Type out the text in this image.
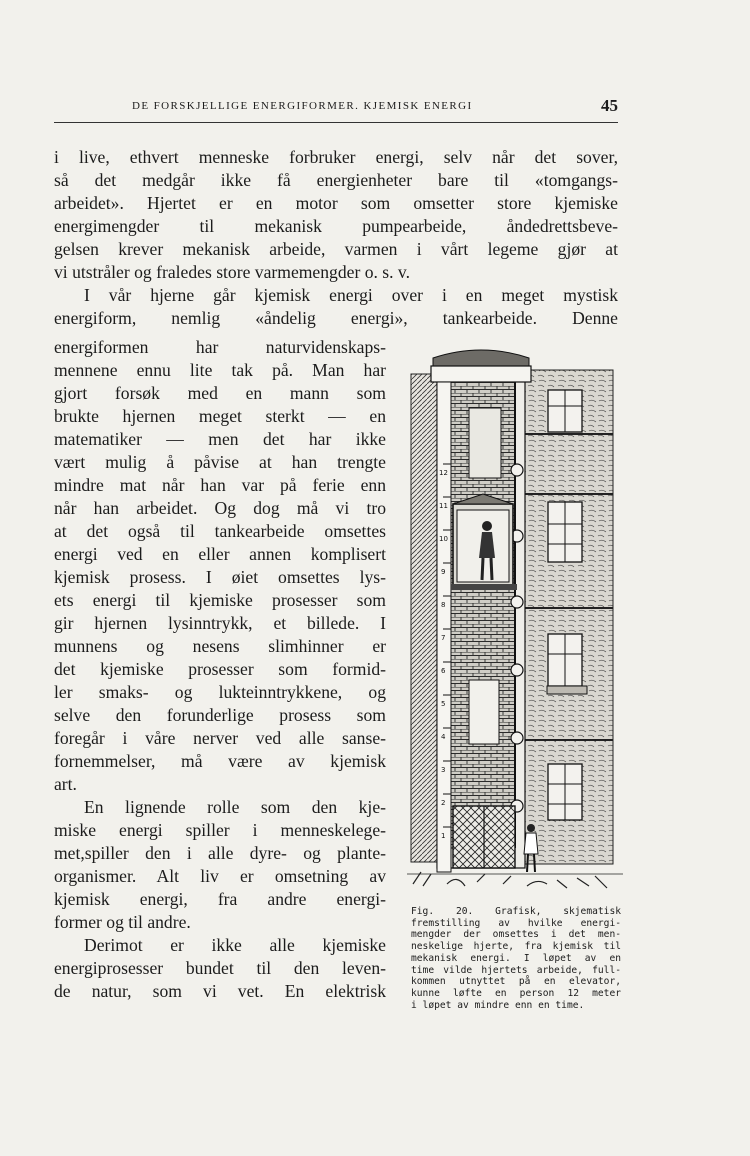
DE FORSKJELLIGE ENERGIFORMER. KJEMISK ENERGI	45

i live, ethvert menneske forbruker energi, selv når det sover,

så det medgår ikke få energienheter bare til «tomgangs-

arbeidet». Hjertet er en motor som omsetter store kjemiske

energimengder til mekanisk pumpearbeide, åndedrettsbeve-

gelsen krever mekanisk arbeide, varmen i vårt legeme gjør at

vi utstråler og fraledes store varmemengder o. s. v.

I vår hjerne går kjemisk energi over i en meget mystisk

energiform, nemlig «åndelig energi», tankearbeide. Denne

energiformen har naturvidenskaps-

mennene ennu lite tak på. Man har

gjort forsøk med en mann som

brukte hjernen meget sterkt — en

matematiker — men det har ikke

vært mulig å påvise at han trengte

mindre mat når han var på ferie enn

når han arbeidet. Og dog må vi tro

at det også til tankearbeide omsettes

energi ved en eller annen komplisert

kjemisk prosess. I øiet omsettes lys-

ets energi til kjemiske prosesser som

gir hjernen lysinntrykk, et billede. I

munnens og nesens slimhinner er

det kjemiske prosesser som formid-

ler smaks- og lukteinntrykkene, og

selve den forunderlige prosess som

foregår i våre nerver ved alle sanse-

fornemmelser, må være av kjemisk

art.

En lignende rolle som den kje-

miske energi spiller i menneskelege-

met,spiller den i alle dyre- og plante-

organismer. Alt liv er omsetning av

kjemisk energi, fra andre energi-

former og til andre.

Derimot er ikke alle kjemiske

energiprosesser bundet til den leven-

de natur, som vi vet. En elektrisk

1
2
3
4
5
6
7
8
9
10
11
12

Fig. 20. Grafisk, skjematisk

fremstilling av hvilke energi-

mengder der omsettes i det men-

neskelige hjerte, fra kjemisk til

mekanisk energi. I løpet av en

time vilde hjertets arbeide, full-

kommen utnyttet på en elevator,

kunne løfte en person 12 meter

i løpet av mindre enn en time.
